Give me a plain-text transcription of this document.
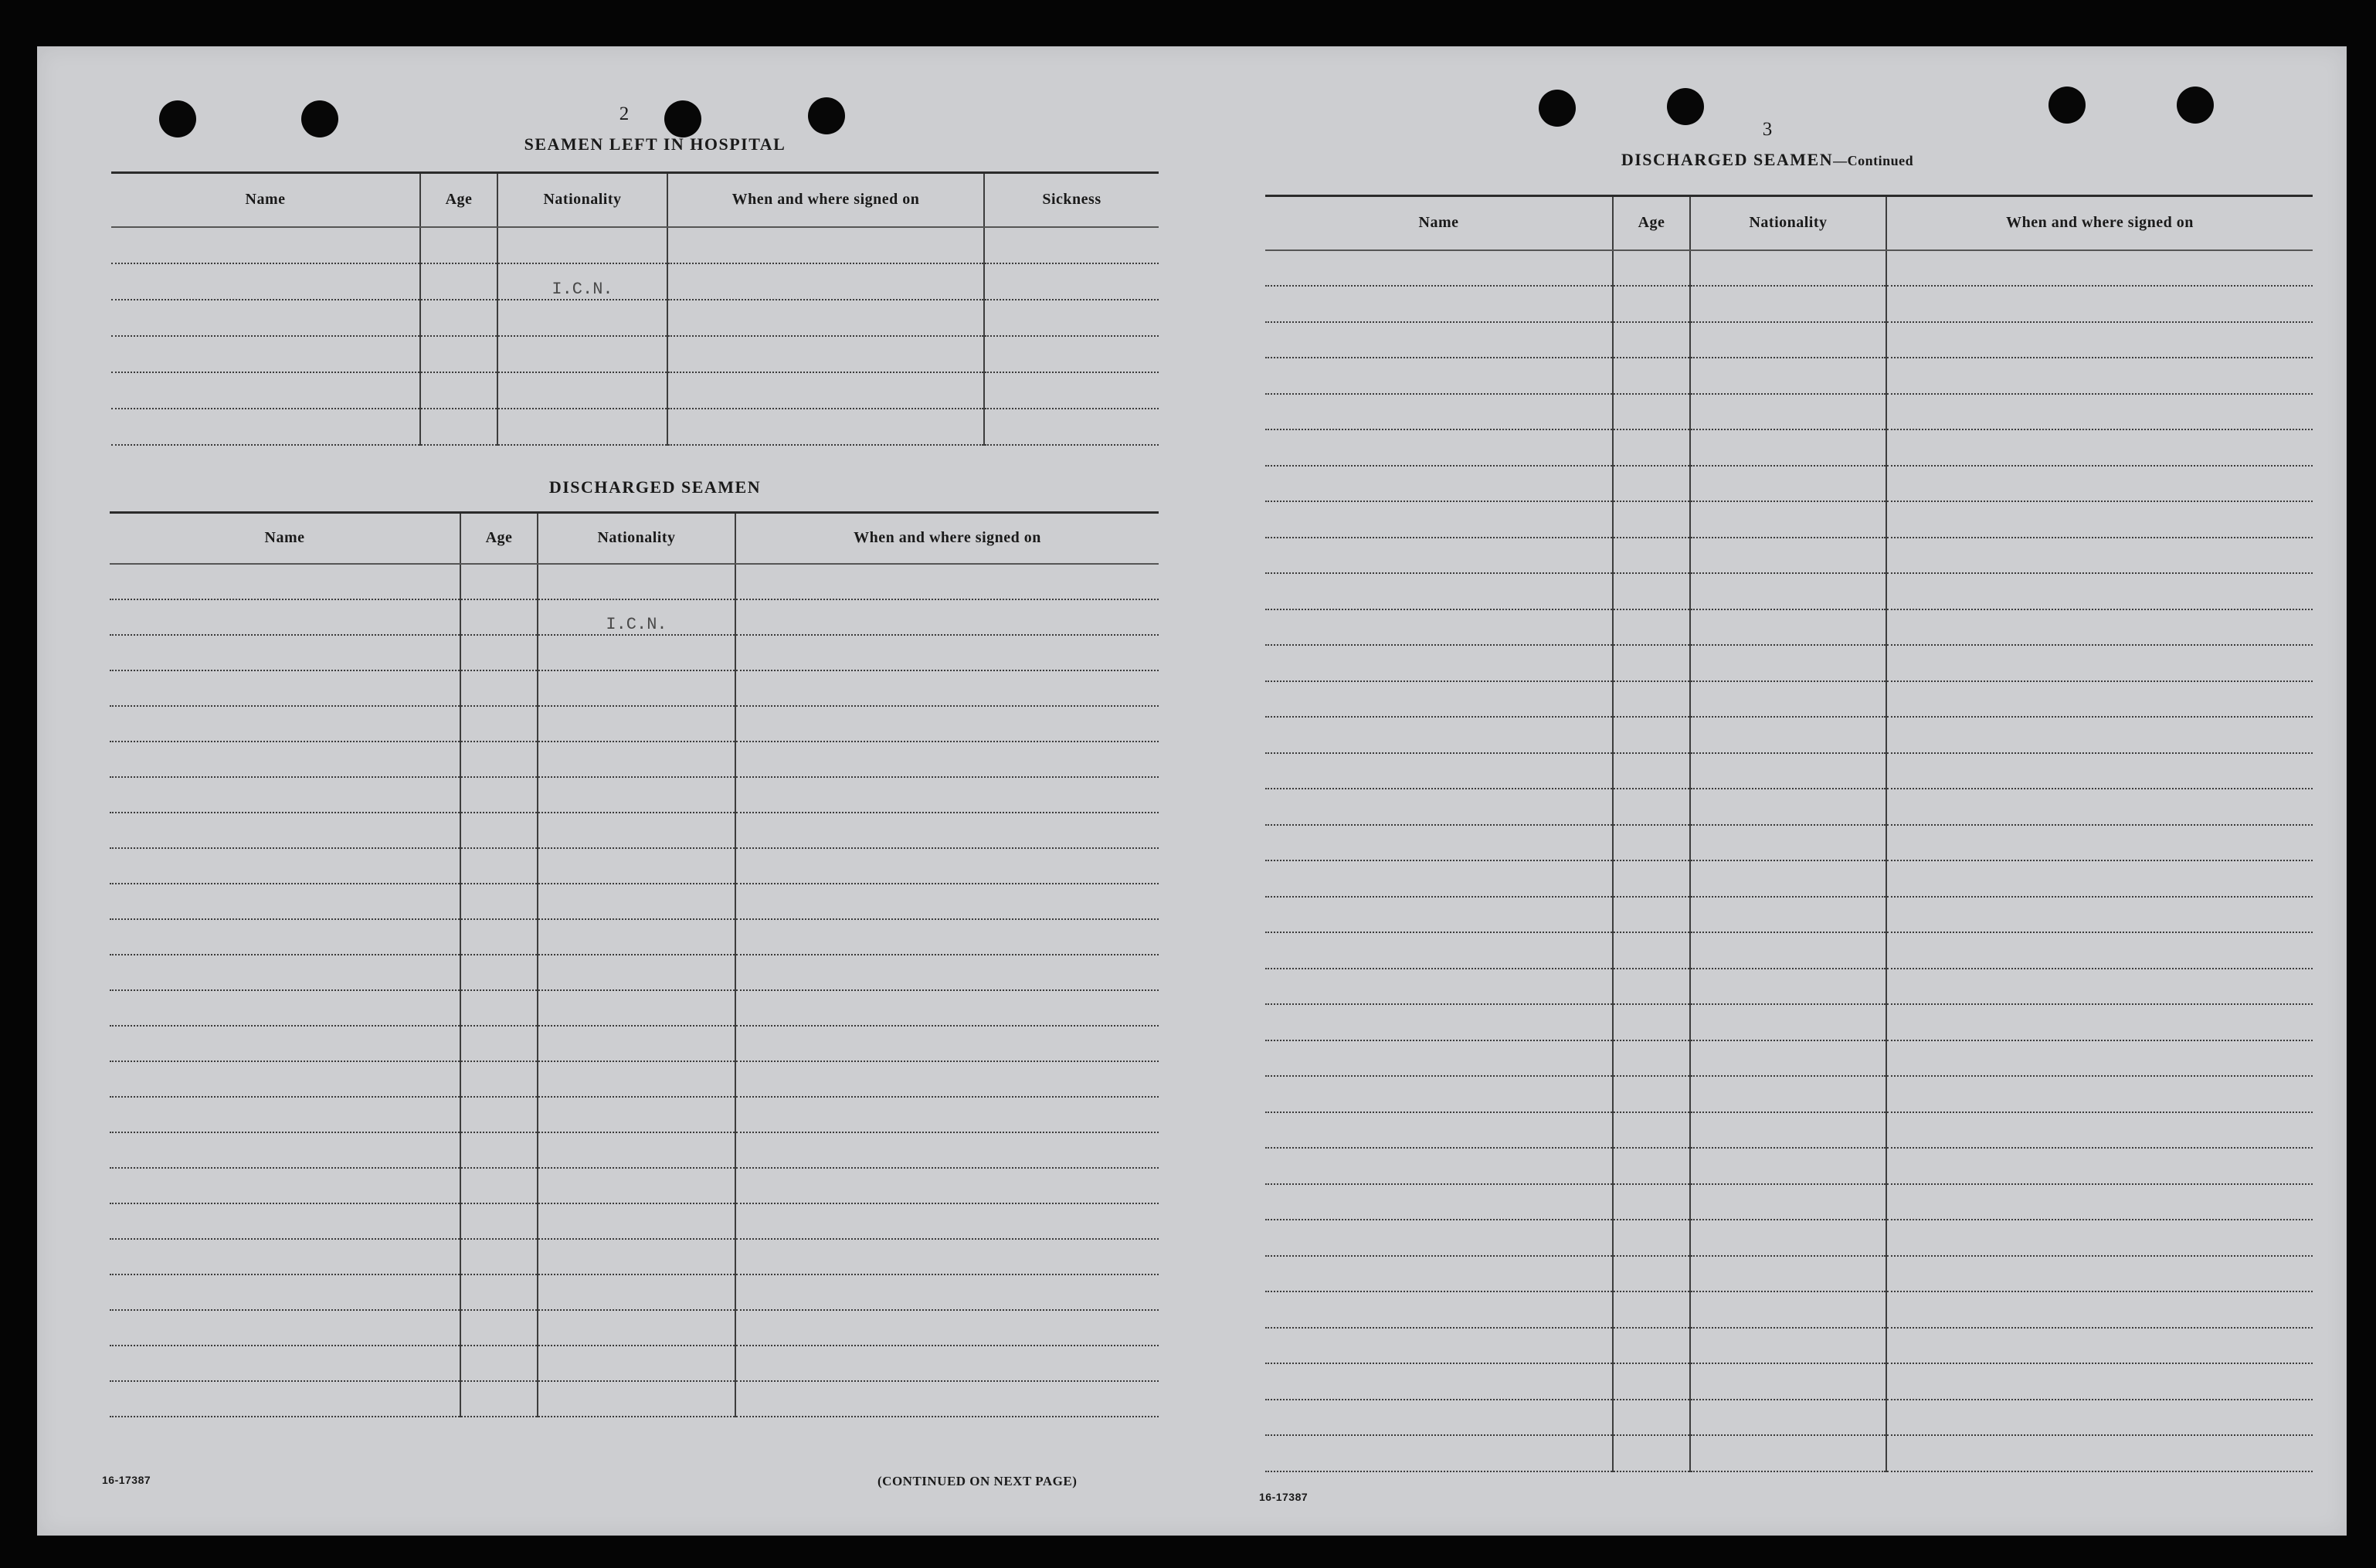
2
SEAMEN LEFT IN HOSPITAL
Name	Age	Nationality	When and where signed on	Sickness

		I.C.N.		

DISCHARGED SEAMEN
Name	Age	Nationality	When and where signed on

		I.C.N.	

16-17387	(CONTINUED ON NEXT PAGE)
3
DISCHARGED SEAMEN—Continued
Name	Age	Nationality	When and where signed on

16-17387
